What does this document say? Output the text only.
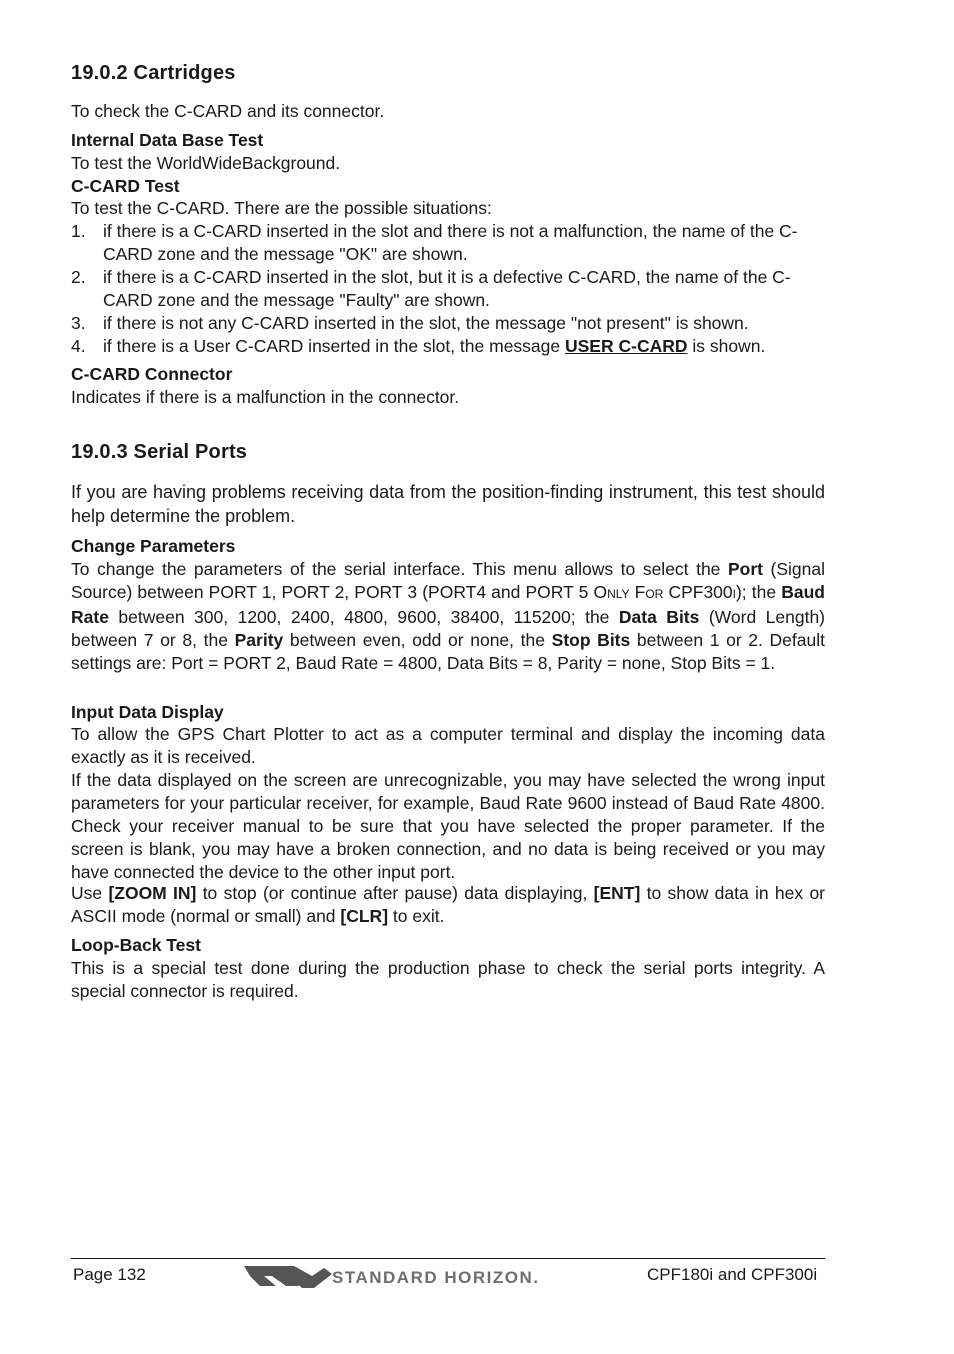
19.0.2 Cartridges

To check the C-CARD and its connector.

Internal Data Base Test

To test the WorldWideBackground.

C-CARD Test

To test the C-CARD. There are the possible situations:

1. if there is a C-CARD inserted in the slot and there is not a malfunction, the name of the C-CARD zone and the message "OK" are shown.
2. if there is a C-CARD inserted in the slot, but it is a defective C-CARD, the name of the C-CARD zone and the message "Faulty" are shown.
3. if there is not any C-CARD inserted in the slot, the message "not present" is shown.
4. if there is a User C-CARD inserted in the slot, the message USER C-CARD is shown.

C-CARD Connector

Indicates if there is a malfunction in the connector.

19.0.3 Serial Ports

If you are having problems receiving data from the position-finding instrument, this test should help determine the problem.

Change Parameters

To change the parameters of the serial interface. This menu allows to select the Port (Signal Source) between PORT 1, PORT 2, PORT 3 (PORT4 and PORT 5 ONLY FOR CPF300I); the Baud Rate between 300, 1200, 2400, 4800, 9600, 38400, 115200; the Data Bits (Word Length) between 7 or 8, the Parity between even, odd or none, the Stop Bits between 1 or 2. Default settings are: Port = PORT 2, Baud Rate = 4800, Data Bits = 8, Parity = none, Stop Bits = 1.

Input Data Display

To allow the GPS Chart Plotter to act as a computer terminal and display the incoming data exactly as it is received.

If the data displayed on the screen are unrecognizable, you may have selected the wrong input parameters for your particular receiver, for example, Baud Rate 9600 instead of Baud Rate 4800. Check your receiver manual to be sure that you have selected the proper parameter. If the screen is blank, you may have a broken connection, and no data is being received or you may have connected the device to the other input port.

Use [ZOOM IN] to stop (or continue after pause) data displaying, [ENT] to show data in hex or ASCII mode (normal or small) and [CLR] to exit.

Loop-Back Test

This is a special test done during the production phase to check the serial ports integrity. A special connector is required.

Page 132	STANDARD HORIZON.	CPF180i and CPF300i
